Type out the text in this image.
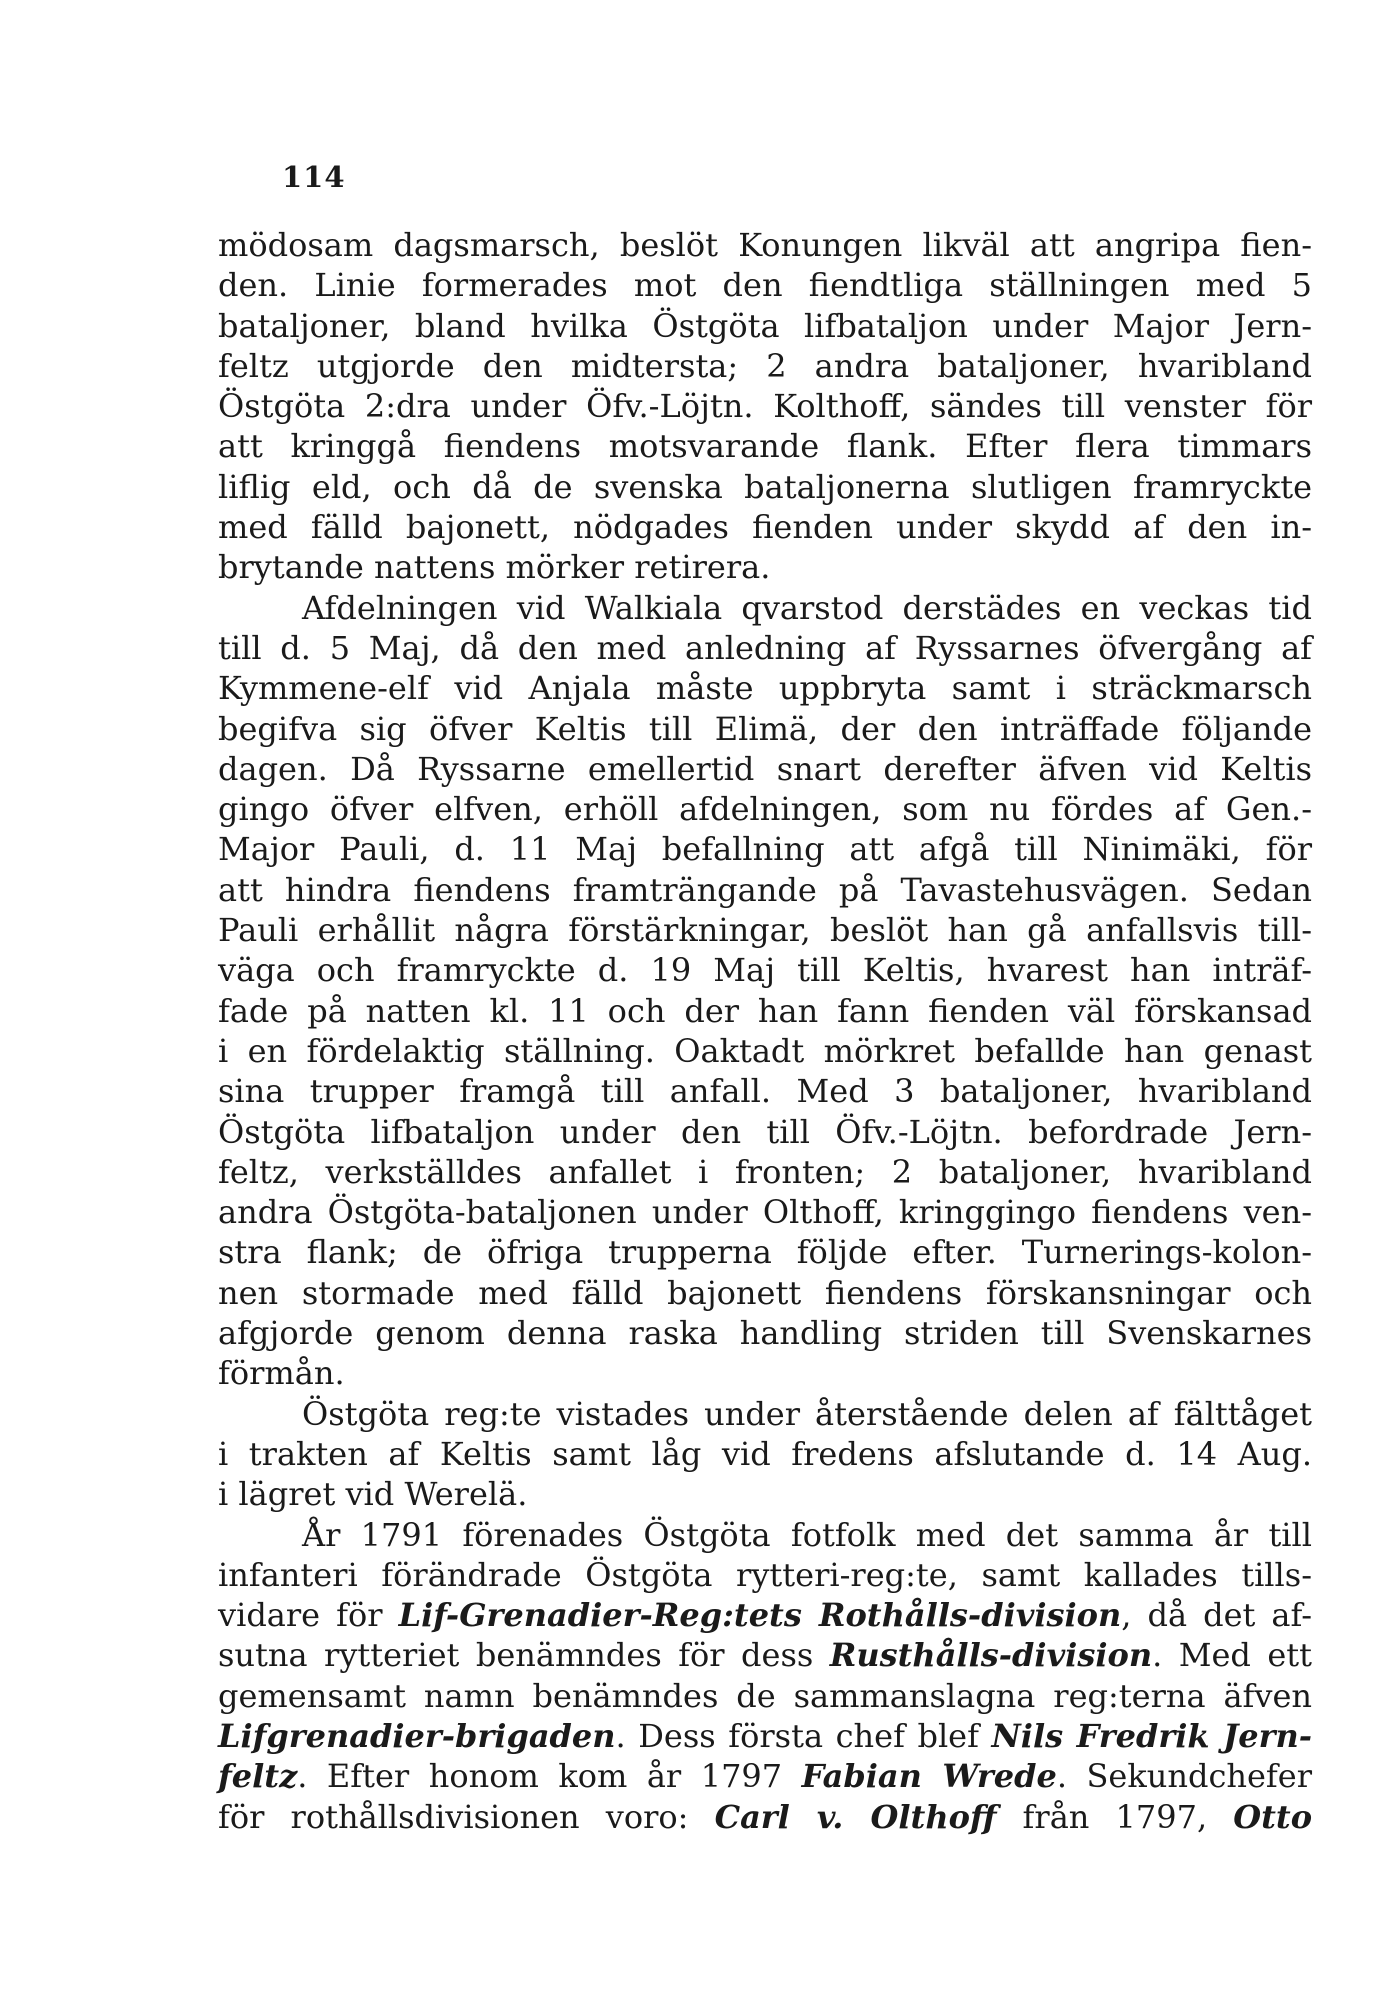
114
mödosam dagsmarsch, beslöt Konungen likväl att angripa fien-
den. Linie formerades mot den fiendtliga ställningen med 5
bataljoner, bland hvilka Östgöta lifbataljon under Major Jern-
feltz utgjorde den midtersta; 2 andra bataljoner, hvaribland
Östgöta 2:dra under Öfv.-Löjtn. Kolthoff, sändes till venster för
att kringgå fiendens motsvarande flank. Efter flera timmars
liflig eld, och då de svenska bataljonerna slutligen framryckte
med fälld bajonett, nödgades fienden under skydd af den in-
brytande nattens mörker retirera.
Afdelningen vid Walkiala qvarstod derstädes en veckas tid
till d. 5 Maj, då den med anledning af Ryssarnes öfvergång af
Kymmene-elf vid Anjala måste uppbryta samt i sträckmarsch
begifva sig öfver Keltis till Elimä, der den inträffade följande
dagen. Då Ryssarne emellertid snart derefter äfven vid Keltis
gingo öfver elfven, erhöll afdelningen, som nu fördes af Gen.-
Major Pauli, d. 11 Maj befallning att afgå till Ninimäki, för
att hindra fiendens framträngande på Tavastehusvägen. Sedan
Pauli erhållit några förstärkningar, beslöt han gå anfallsvis till-
väga och framryckte d. 19 Maj till Keltis, hvarest han inträf-
fade på natten kl. 11 och der han fann fienden väl förskansad
i en fördelaktig ställning. Oaktadt mörkret befallde han genast
sina trupper framgå till anfall. Med 3 bataljoner, hvaribland
Östgöta lifbataljon under den till Öfv.-Löjtn. befordrade Jern-
feltz, verkställdes anfallet i fronten; 2 bataljoner, hvaribland
andra Östgöta-bataljonen under Olthoff, kringgingo fiendens ven-
stra flank; de öfriga trupperna följde efter. Turnerings-kolon-
nen stormade med fälld bajonett fiendens förskansningar och
afgjorde genom denna raska handling striden till Svenskarnes
förmån.
Östgöta reg:te vistades under återstående delen af fälttåget
i trakten af Keltis samt låg vid fredens afslutande d. 14 Aug.
i lägret vid Werelä.
År 1791 förenades Östgöta fotfolk med det samma år till
infanteri förändrade Östgöta rytteri-reg:te, samt kallades tills-
vidare för Lif-Grenadier-Reg:tets Rothålls-division, då det af-
sutna rytteriet benämndes för dess Rusthålls-division. Med ett
gemensamt namn benämndes de sammanslagna reg:terna äfven
Lifgrenadier-brigaden. Dess första chef blef Nils Fredrik Jern-
feltz. Efter honom kom år 1797 Fabian Wrede. Sekundchefer
för rothållsdivisionen voro: Carl v. Olthoff från 1797, Otto
